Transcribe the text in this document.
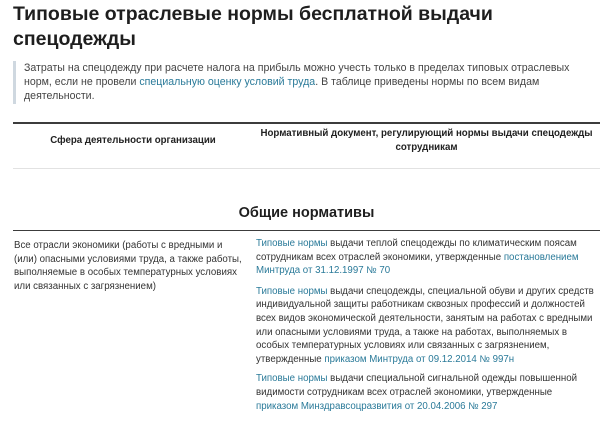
Типовые отраслевые нормы бесплатной выдачи спецодежды
Затраты на спецодежду при расчете налога на прибыль можно учесть только в пределах типовых отраслевых норм, если не провели специальную оценку условий труда. В таблице приведены нормы по всем видам деятельности.
Сфера деятельности организации
Нормативный документ, регулирующий нормы выдачи спецодежды сотрудникам
Общие нормативы
Все отрасли экономики (работы с вредными и (или) опасными условиями труда, а также работы, выполняемые в особых температурных условиях или связанных с загрязнением)
Типовые нормы выдачи теплой спецодежды по климатическим поясам сотрудникам всех отраслей экономики, утвержденные постановлением Минтруда от 31.12.1997 № 70
Типовые нормы выдачи спецодежды, специальной обуви и других средств индивидуальной защиты работникам сквозных профессий и должностей всех видов экономической деятельности, занятым на работах с вредными или опасными условиями труда, а также на работах, выполняемых в особых температурных условиях или связанных с загрязнением, утвержденные приказом Минтруда от 09.12.2014 № 997н
Типовые нормы выдачи специальной сигнальной одежды повышенной видимости сотрудникам всех отраслей экономики, утвержденные приказом Минздравсоцразвития от 20.04.2006 № 297
